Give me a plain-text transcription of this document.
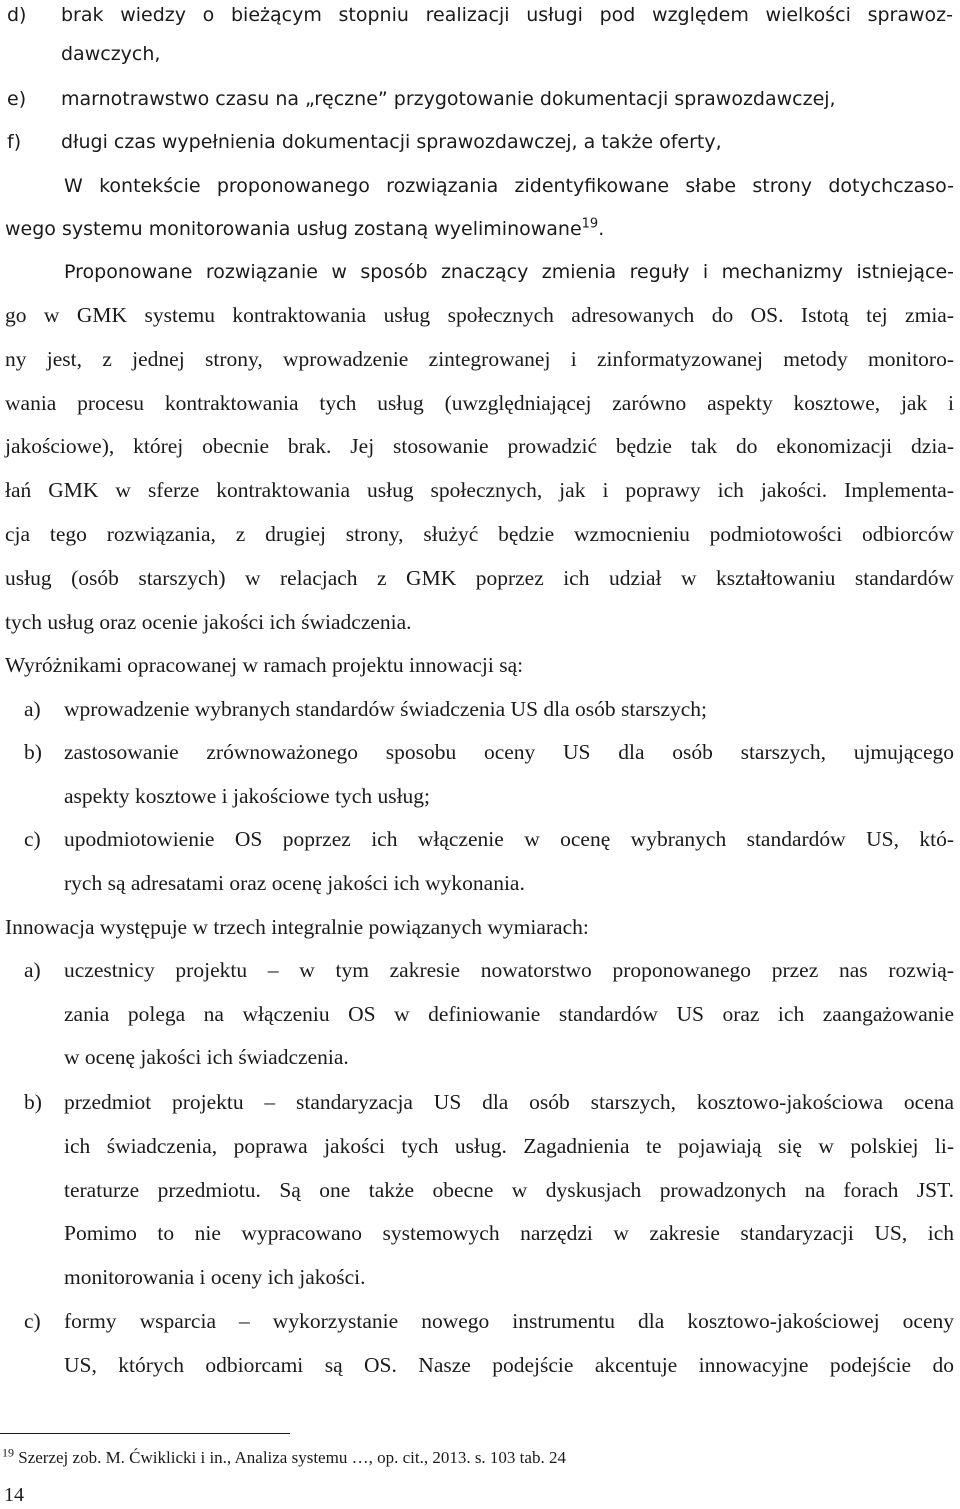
d) brak wiedzy o bieżącym stopniu realizacji usługi pod względem wielkości sprawoz-
dawczych,
e) marnotrawstwo czasu na „ręczne” przygotowanie dokumentacji sprawozdawczej,
f) długi czas wypełnienia dokumentacji sprawozdawczej, a także oferty,
W kontekście proponowanego rozwiązania zidentyfikowane słabe strony dotychczaso-
wego systemu monitorowania usług zostaną wyeliminowane$^{19}$.
Proponowane rozwiązanie w sposób znaczący zmienia reguły i mechanizmy istniejące-
go w GMK systemu kontraktowania usług społecznych adresowanych do OS. Istotą tej zmia-
ny jest, z jednej strony, wprowadzenie zintegrowanej i zinformatyzowanej metody monitoro-
wania procesu kontraktowania tych usług (uwzględniającej zarówno aspekty kosztowe, jak i
jakościowe), której obecnie brak. Jej stosowanie prowadzić będzie tak do ekonomizacji dzia-
łań GMK w sferze kontraktowania usług społecznych, jak i poprawy ich jakości. Implementa-
cja tego rozwiązania, z drugiej strony, służyć będzie wzmocnieniu podmiotowości odbiorców
usług (osób starszych) w relacjach z GMK poprzez ich udział w kształtowaniu standardów
tych usług oraz ocenie jakości ich świadczenia.
Wyróżnikami opracowanej w ramach projektu innowacji są:
a) wprowadzenie wybranych standardów świadczenia US dla osób starszych;
b) zastosowanie zrównoważonego sposobu oceny US dla osób starszych, ujmującego
aspekty kosztowe i jakościowe tych usług;
c) upodmiotowienie OS poprzez ich włączenie w ocenę wybranych standardów US, któ-
rych są adresatami oraz ocenę jakości ich wykonania.
Innowacja występuje w trzech integralnie powiązanych wymiarach:
a) uczestnicy projektu – w tym zakresie nowatorstwo proponowanego przez nas rozwią-
zania polega na włączeniu OS w definiowanie standardów US oraz ich zaangażowanie
w ocenę jakości ich świadczenia.
b) przedmiot projektu – standaryzacja US dla osób starszych, kosztowo-jakościowa ocena
ich świadczenia, poprawa jakości tych usług. Zagadnienia te pojawiają się w polskiej li-
teraturze przedmiotu. Są one także obecne w dyskusjach prowadzonych na forach JST.
Pomimo to nie wypracowano systemowych narzędzi w zakresie standaryzacji US, ich
monitorowania i oceny ich jakości.
c) formy wsparcia – wykorzystanie nowego instrumentu dla kosztowo-jakościowej oceny
US, których odbiorcami są OS. Nasze podejście akcentuje innowacyjne podejście do
$^{19}$ Szerzej zob. M. Ćwiklicki i in., Analiza systemu …, op. cit., 2013. s. 103 tab. 24
14
